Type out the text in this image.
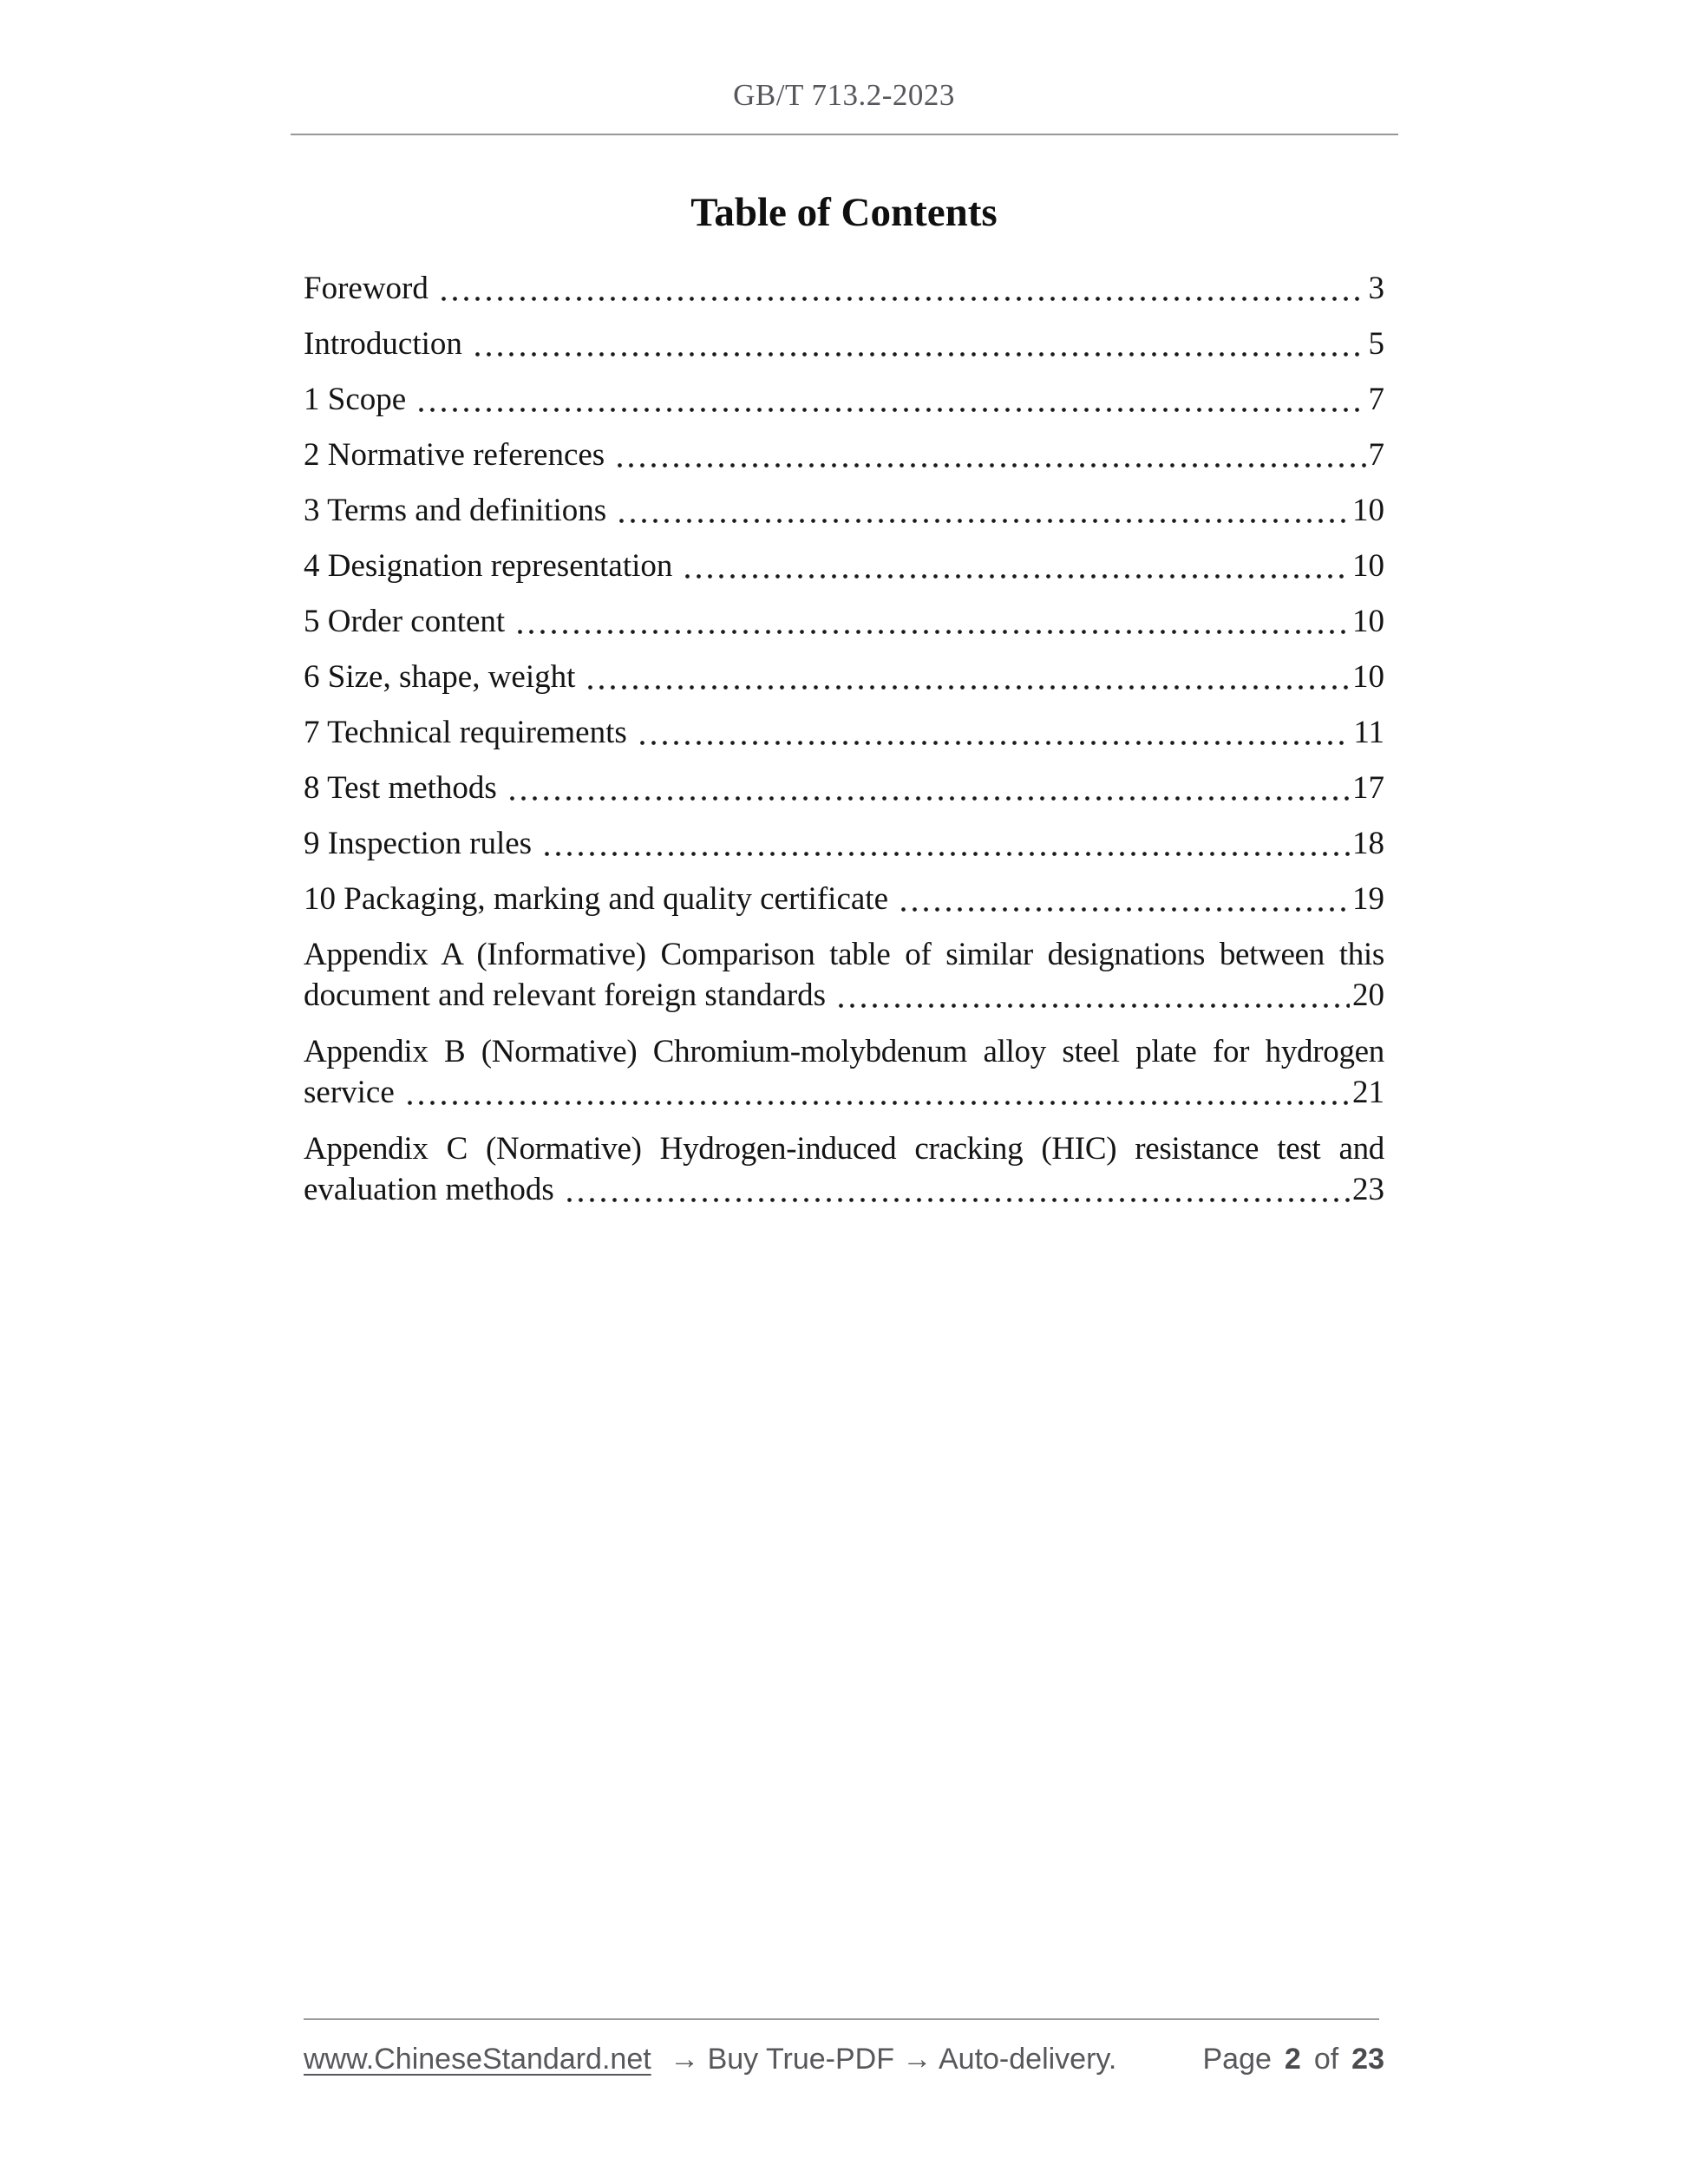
GB/T 713.2-2023
Table of Contents
Foreword	3
Introduction	5
1 Scope	7
2 Normative references	7
3 Terms and definitions	10
4 Designation representation	10
5 Order content	10
6 Size, shape, weight	10
7 Technical requirements	11
8 Test methods	17
9 Inspection rules	18
10 Packaging, marking and quality certificate	19
Appendix A (Informative) Comparison table of similar designations between this
document and relevant foreign standards	20
Appendix B (Normative) Chromium-molybdenum alloy steel plate for hydrogen
service	21
Appendix C (Normative) Hydrogen-induced cracking (HIC) resistance test and
evaluation methods	23
www.ChineseStandard.net → Buy True-PDF → Auto-delivery.	Page 2 of 23
